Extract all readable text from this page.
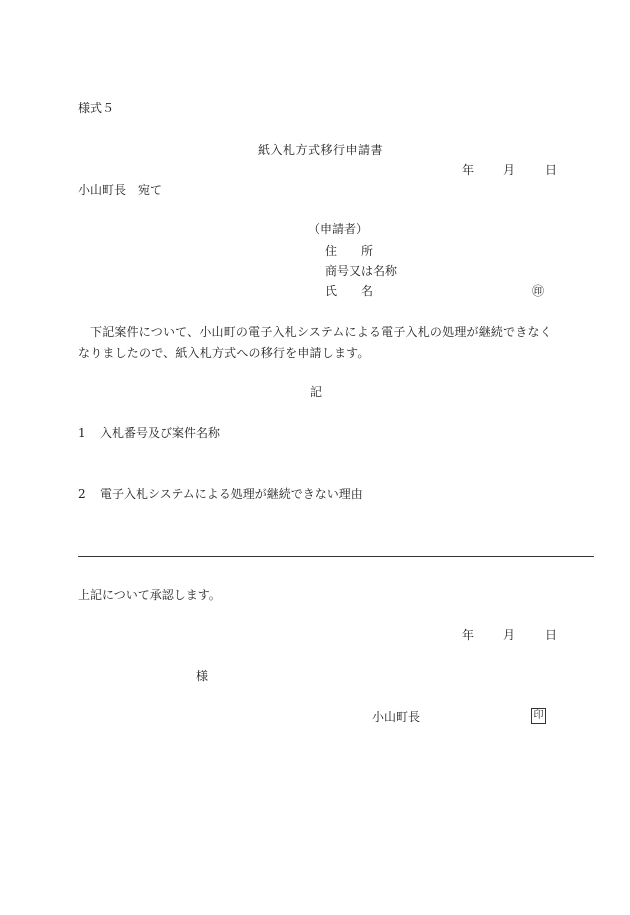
様式５
紙入札方式移行申請書
年 月 日
小山町長　宛て
（申請者）
住　　所
商号又は名称
氏　　名	㊞

下記案件について、小山町の電子入札システムによる電子入札の処理が継続できなくなりましたので、紙入札方式への移行を申請します。

記
1 入札番号及び案件名称
2 電子入札システムによる処理が継続できない理由
上記について承認します。
年 月 日
様
小山町長	印
